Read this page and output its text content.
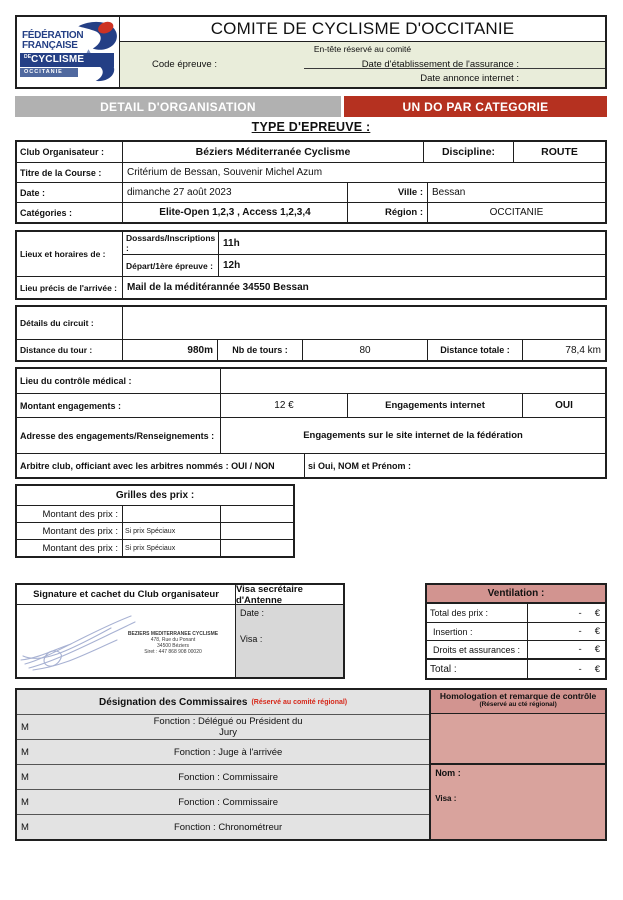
FÉDÉRATION
FRANÇAISE
DE CYCLISME
OCCITANIE
COMITE DE CYCLISME D'OCCITANIE
En-tête réservé au comité
Code épreuve :	Date d'établissement de l'assurance :
Date annonce internet :
DETAIL D'ORGANISATION	UN DO PAR CATEGORIE
TYPE D'EPREUVE :
Club Organisateur :	Béziers Méditerranée Cyclisme	Discipline:	ROUTE
Titre de la Course :	Critérium de Bessan, Souvenir Michel Azum
Date :	dimanche 27 août 2023	Ville : Bessan
Catégories :	Elite-Open 1,2,3 , Access 1,2,3,4	Région :	OCCITANIE
Lieux et horaires de :
Dossards/Inscriptions :	11h
Départ/1ère épreuve :	12h
Lieu précis de l'arrivée :	Mail de la méditérannée 34550 Bessan
Détails du circuit :
Distance du tour :	980m	Nb de tours :	80	Distance totale :	78,4 km
Lieu du contrôle médical :
Montant engagements :	12 €	Engagements internet	OUI
Adresse des engagements/Renseignements :	Engagements sur le site internet de la fédération
Arbitre club, officiant avec les arbitres nommés : OUI / NON	si Oui, NOM et Prénom :
Grilles des prix :
Montant des prix :
Montant des prix :	Si prix Spéciaux
Montant des prix :	Si prix Spéciaux
Signature et cachet du Club organisateur	Visa secrétaire d'Antenne
BEZIERS MEDITERRANEE CYCLISME
478, Rue du Ponant
34500 Béziers
Siret : 447 868 908 00020
Date :
Visa :
Ventilation :
Total des prix :	- €
Insertion :	- €
Droits et assurances :	- €
Total :	- €
Désignation des Commissaires (Réservé au comité régional)
M	Fonction : Délégué ou Président du Jury
M	Fonction : Juge à l'arrivée
M	Fonction : Commissaire
M	Fonction : Commissaire
M	Fonction : Chronométreur
Homologation et remarque de contrôle
(Réservé au cté régional)
Nom :
Visa :
